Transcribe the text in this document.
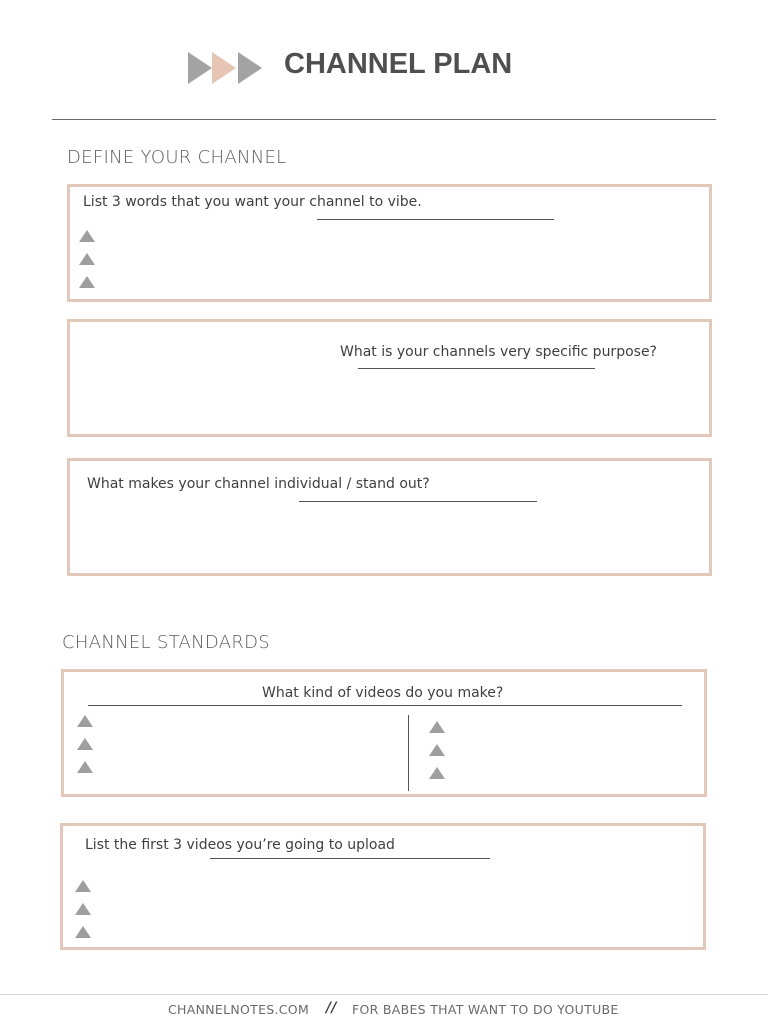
CHANNEL PLAN
DEFINE YOUR CHANNEL
List 3 words that you want your channel to vibe.
What is your channels very specific purpose?
What makes your channel individual / stand out?
CHANNEL STANDARDS
What kind of videos do you make?
List the first 3 videos you’re going to upload
CHANNELNOTES.COM // FOR BABES THAT WANT TO DO YOUTUBE
